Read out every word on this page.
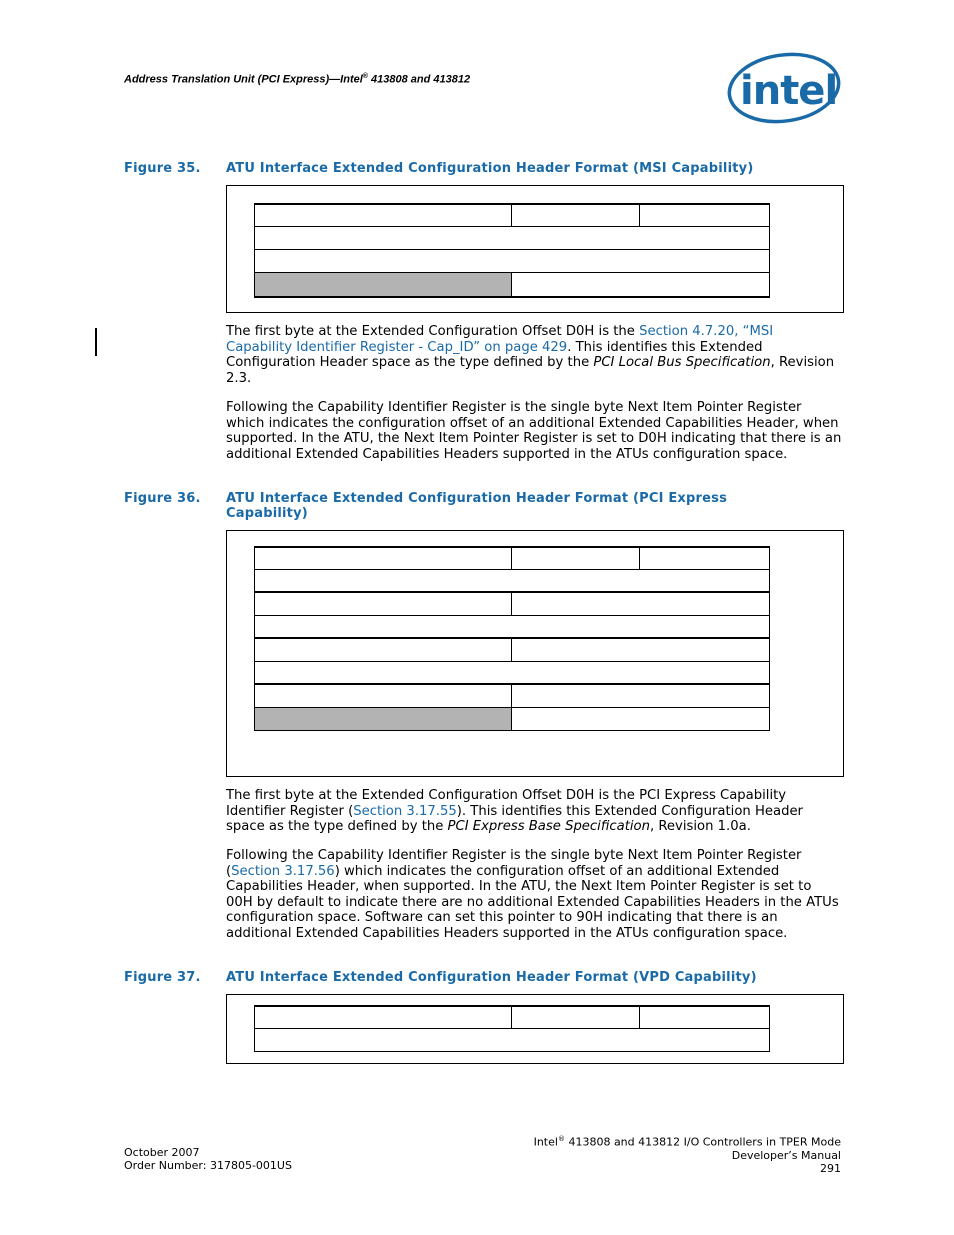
Address Translation Unit (PCI Express)—Intel® 413808 and 413812	intel
Figure 35. ATU Interface Extended Configuration Header Format (MSI Capability)
The first byte at the Extended Configuration Offset D0H is the Section 4.7.20, “MSI Capability Identifier Register - Cap_ID” on page 429. This identifies this Extended Configuration Header space as the type defined by the PCI Local Bus Specification, Revision 2.3.
Following the Capability Identifier Register is the single byte Next Item Pointer Register which indicates the configuration offset of an additional Extended Capabilities Header, when supported. In the ATU, the Next Item Pointer Register is set to D0H indicating that there is an additional Extended Capabilities Headers supported in the ATUs configuration space.
Figure 36. ATU Interface Extended Configuration Header Format (PCI Express Capability)
The first byte at the Extended Configuration Offset D0H is the PCI Express Capability Identifier Register (Section 3.17.55). This identifies this Extended Configuration Header space as the type defined by the PCI Express Base Specification, Revision 1.0a.
Following the Capability Identifier Register is the single byte Next Item Pointer Register (Section 3.17.56) which indicates the configuration offset of an additional Extended Capabilities Header, when supported. In the ATU, the Next Item Pointer Register is set to 00H by default to indicate there are no additional Extended Capabilities Headers in the ATUs configuration space. Software can set this pointer to 90H indicating that there is an additional Extended Capabilities Headers supported in the ATUs configuration space.
Figure 37. ATU Interface Extended Configuration Header Format (VPD Capability)
October 2007
Order Number: 317805-001US
Intel® 413808 and 413812 I/O Controllers in TPER Mode
Developer’s Manual
291
